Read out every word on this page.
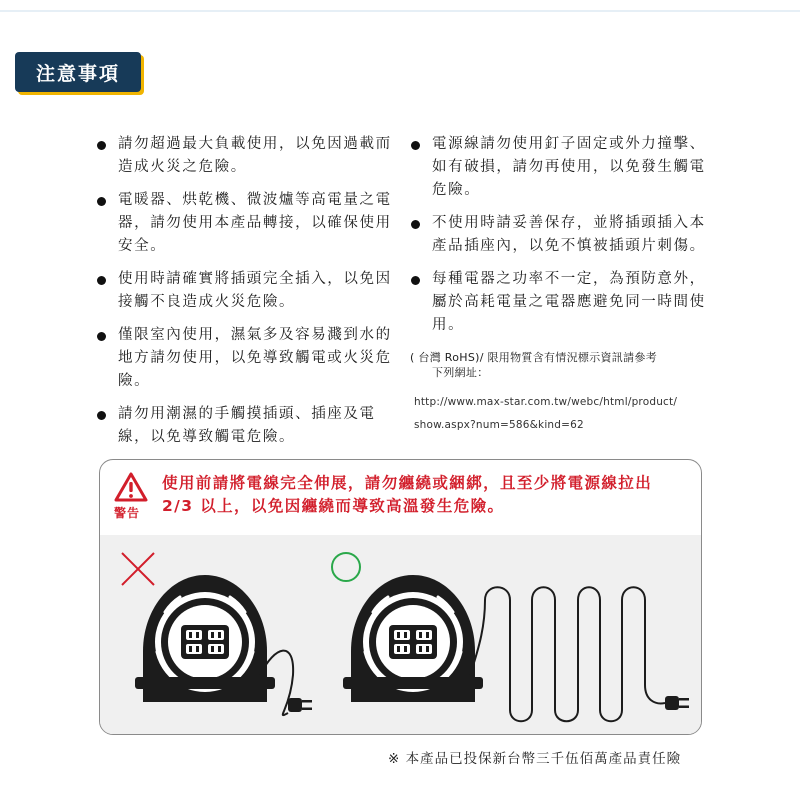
注意事項
請勿超過最大負載使用，以免因過載而造成火災之危險。
電暖器、烘乾機、微波爐等高電量之電器，請勿使用本產品轉接，以確保使用安全。
使用時請確實將插頭完全插入，以免因接觸不良造成火災危險。
僅限室內使用，濕氣多及容易濺到水的地方請勿使用，以免導致觸電或火災危險。
請勿用潮濕的手觸摸插頭、插座及電線，以免導致觸電危險。
電源線請勿使用釘子固定或外力撞擊、如有破損，請勿再使用，以免發生觸電危險。
不使用時請妥善保存，並將插頭插入本產品插座內，以免不慎被插頭片刺傷。
每種電器之功率不一定，為預防意外，屬於高耗電量之電器應避免同一時間使用。
( 台灣 RoHS)/ 限用物質含有情況標示資訊請參考
下列網址：
http://www.max-star.com.tw/webc/html/product/
show.aspx?num=586&kind=62
警告
使用前請將電線完全伸展，請勿纏繞或綑綁，且至少將電源線拉出 2/3 以上，以免因纏繞而導致高溫發生危險。
※ 本產品已投保新台幣三千伍佰萬產品責任險
